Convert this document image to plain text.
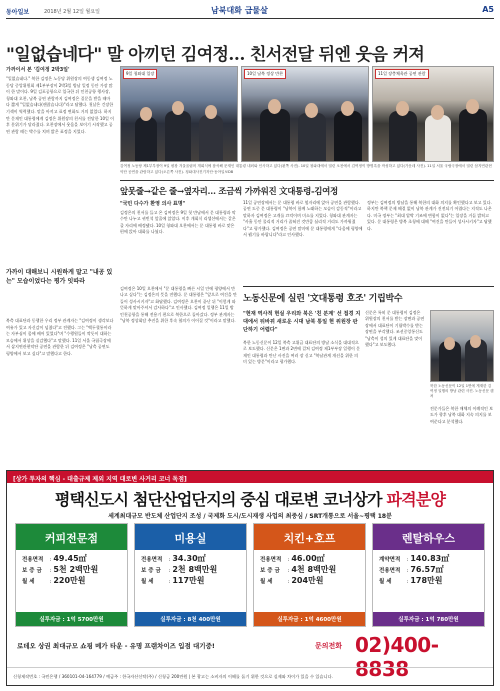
동아일보	2018년 2월 12일 월요일	남북대화 급물살	A5
"일없습네다" 말 아끼던 김여정… 친서전달 뒤엔 웃음 커져
가까이서 본 '김여정 2박3일'
"일없습네다." 북한 김정은 노동당 위원장의 여동생 김여정 노동당 중앙위원회 제1부부장이 2박3일 방남 일정 동안 가장 많이 한 말이다. 9일 김포공항으로 입국한 뒤 인천공항 행사장, 청와대 오찬, 남북 공연 관람까지 김여정은 질문을 받을 때마다 짧게 "일없습네다(괜찮습니다)"라고 답했다. 첫날은 긴장한 기색이 역력했다. 말을 아끼고 표정 변화도 거의 없었다. 하지만 문재인 대통령에게 김정은 위원장의 친서를 전달한 10일 이후 분위기가 달라졌다. 오찬장에서 웃음을 보이기 시작했고 공연 관람 때는 박수를 치며 밝은 표정을 지었다.
가까이 대해보니 시원하게 말고 "내공 있는" 모습이었다는 평가 잇따라
북측 대표단과 동행한 우리 정부 관계자는 "김여정이 생각보다 여유가 있고 자신감이 넘쳤다"고 전했다. 그는 "백두혈통이라는 자부심이 몸에 배어 있었다"며 "수행원들이 깍듯이 대하는 모습에서 위상을 실감했다"고 말했다. 11일 서울 국립극장에서 삼지연관현악단 공연을 관람한 뒤 김여정은 "남측 공연도 평양에서 보고 싶다"고 말했다고 한다.
9일 청와대 입장	10일 남북 정상 만찬	11일 장충체육관 공연 관람
김여정 노동당 제1부부장이 9일 평창 겨울올림픽 개회식에 참석해 문재인 대통령 내외와 인사하고 있다(왼쪽 사진). 10일 청와대에서 열린 오찬에서 김여정이 방명록을 작성하고 있다(가운데 사진). 11일 서울 국립극장에서 열린 삼지연관현악단 공연을 관람하고 있다(오른쪽 사진). 청와대사진기자단·동아일보DB
앞못줄→같은 줄→옆자리… 조금씩 가까워진 文대통령-김여정
"국민 다수가 환영 의사 표명"
김정은의 친서를 들고 온 김여정은 9일 첫 만남에서 문 대통령과 악수만 나누고 귀빈석 앞줄에 앉았다. 이후 개회식 리셉션에서는 같은 줄 자리에 배정됐다. 10일 청와대 오찬에서는 문 대통령 바로 맞은편에 앉아 대화를 나눴다.
11일 공연장에서는 문 대통령 바로 옆자리에 앉아 공연을 관람했다. 공연 도중 문 대통령이 "남북이 함께 노래하는 모습이 감동적"이라고 말하자 김여정은 고개를 끄덕이며 미소를 지었다. 청와대 관계자는 "사흘 동안 물리적 거리가 좁혀진 것만큼 심리적 거리도 가까워졌다"고 평가했다. 김여정은 공연 말미에 문 대통령에게 "다음에 평양에서 뵙기를 바랍니다"라고 인사했다.
정부는 김여정의 방남을 통해 북한의 대화 의지를 확인했다고 보고 있다. 하지만 북핵 문제 해결 없이 남북 관계가 진전되기 어렵다는 지적도 나온다. 미국 정부는 "최대 압박 기조에 변함이 없다"는 입장을 거듭 밝히고 있다. 문 대통령은 방북 초청에 대해 "여건을 만들어 성사시키자"고 답했다.
김여정은 10일 오찬에서 "문 대통령을 빠른 시일 안에 평양에서 만나고 싶다"는 김정은의 뜻을 전했다. 문 대통령은 "앞으로 여건을 만들어 성사시키자"고 화답했다. 김여정은 오찬이 끝난 뒤 "이렇게 따뜻하게 맞아주셔서 감사하다"고 인사했다. 김여정 일행은 11일 밤 인천공항을 통해 전용기 편으로 북한으로 돌아갔다. 정부 관계자는 "남북 정상회담 추진을 위한 후속 협의가 이어질 것"이라고 말했다.
노동신문에 실린 '文대통령 호조' 기립박수
"현재 역사적 현실 우리와 북은 '친 분계' 선 접경 지대에서 뒤바뀌 새로운 시대 남북 통일 현 위원장 판단하기 어렵다"
북한 노동신문이 12일 북측 고위급 대표단의 방남 소식을 대대적으로 보도했다. 신문은 1면과 2면에 걸쳐 김여정 제1부부장 일행이 문재인 대통령과 만난 사진을 여러 장 싣고 "북남관계 개선을 위한 의미 있는 방문"이라고 평가했다.
신문은 특히 문 대통령이 김정은 위원장의 친서를 받는 장면과 공연장에서 대표단이 기립박수를 받는 장면을 부각했다. 조선중앙통신도 "남측이 성의 있게 대표단을 맞이했다"고 보도했다.
북한 노동신문이 12일 1면에 게재한 김여정 일행의 방남 관련 사진. 노동신문 캡처
전문가들은 북한 매체의 이례적인 보도가 향후 남북 대화 지속 의지를 보여준다고 분석했다.
[상가 투자의 핵심 - 대출규제 제외 지역 대로변 사거리 코너 독점]
평택신도시 첨단산업단지의 중심 대로변 코너상가 파격분양
세계최대규모 반도체 산업단지 조성 / 국제화 도시/도시재생 사업의 최중심 / SRT개통으로 서울~평택 18분
커피전문점
전용면적 : 49.45㎡
보 증 금 : 5천 2백만원
월 세 : 220만원
실투자금 : 1억 5700만원
미용실
전용면적 : 34.30㎡
보 증 금 : 2천 8백만원
월 세 : 117만원
실투자금 : 8천 400만원
치킨+호프
전용면적 : 46.00㎡
보 증 금 : 4천 8백만원
월 세 : 204만원
실투자금 : 1억 4600만원
렌탈하우스
계약면적 : 140.83㎡
전용면적 : 76.57㎡
월 세 : 178만원
실투자금 : 1억 780만원
로데오 상권 최대규모 쇼핑 메가 타운 - 유명 프랜차이즈 입점 대기중!	문의전화 02)400-8838
신청제작번호 : 국민은행 / 360101-04-164779 / 예금주 : 한국자산신탁(주) / 신청금 200만원 | 본 광고는 소비자의 이해를 돕기 위한 것으로 실제와 차이가 있을 수 있습니다.
